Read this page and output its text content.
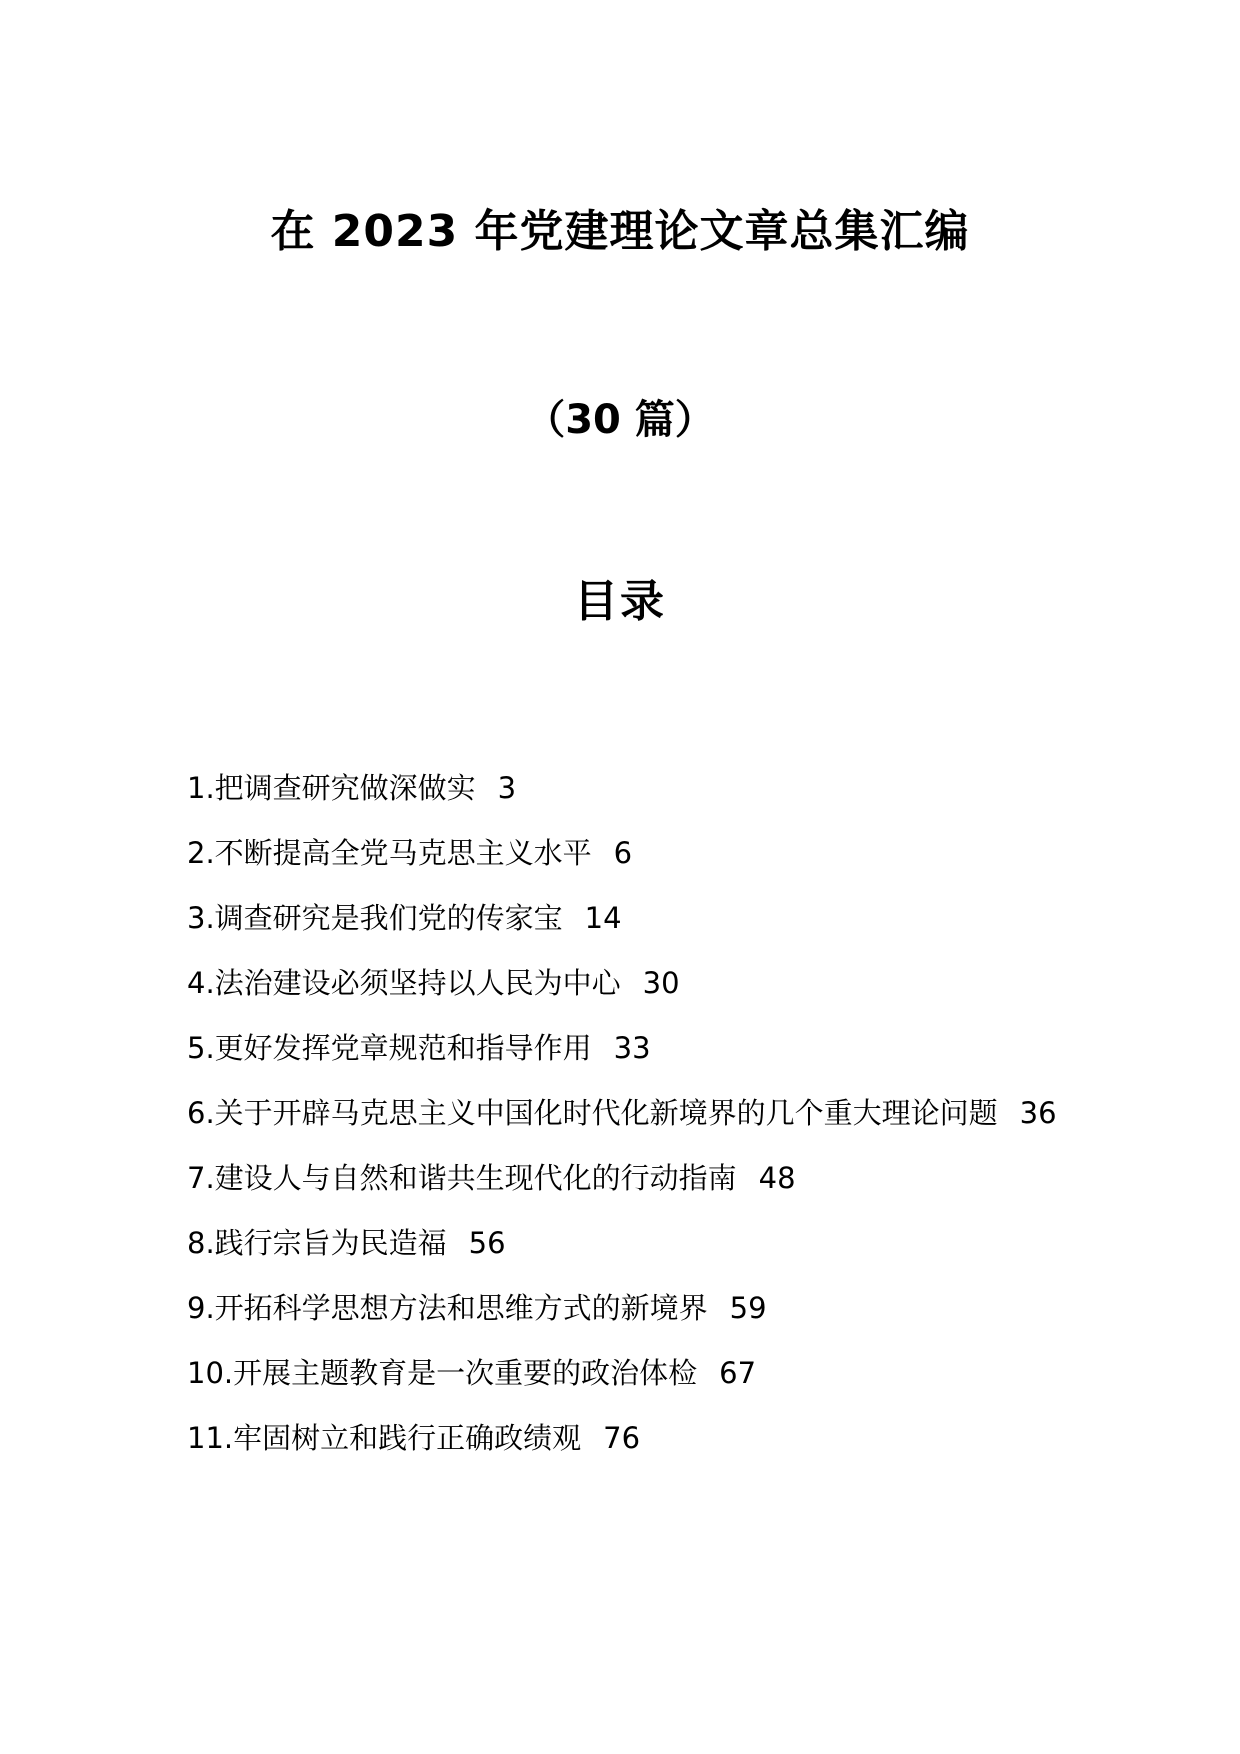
在 2023 年党建理论文章总集汇编
（30 篇）
目录
1.把调查研究做深做实 3
2.不断提高全党马克思主义水平 6
3.调查研究是我们党的传家宝 14
4.法治建设必须坚持以人民为中心 30
5.更好发挥党章规范和指导作用 33
6.关于开辟马克思主义中国化时代化新境界的几个重大理论问题 36
7.建设人与自然和谐共生现代化的行动指南 48
8.践行宗旨为民造福 56
9.开拓科学思想方法和思维方式的新境界 59
10.开展主题教育是一次重要的政治体检 67
11.牢固树立和践行正确政绩观 76
